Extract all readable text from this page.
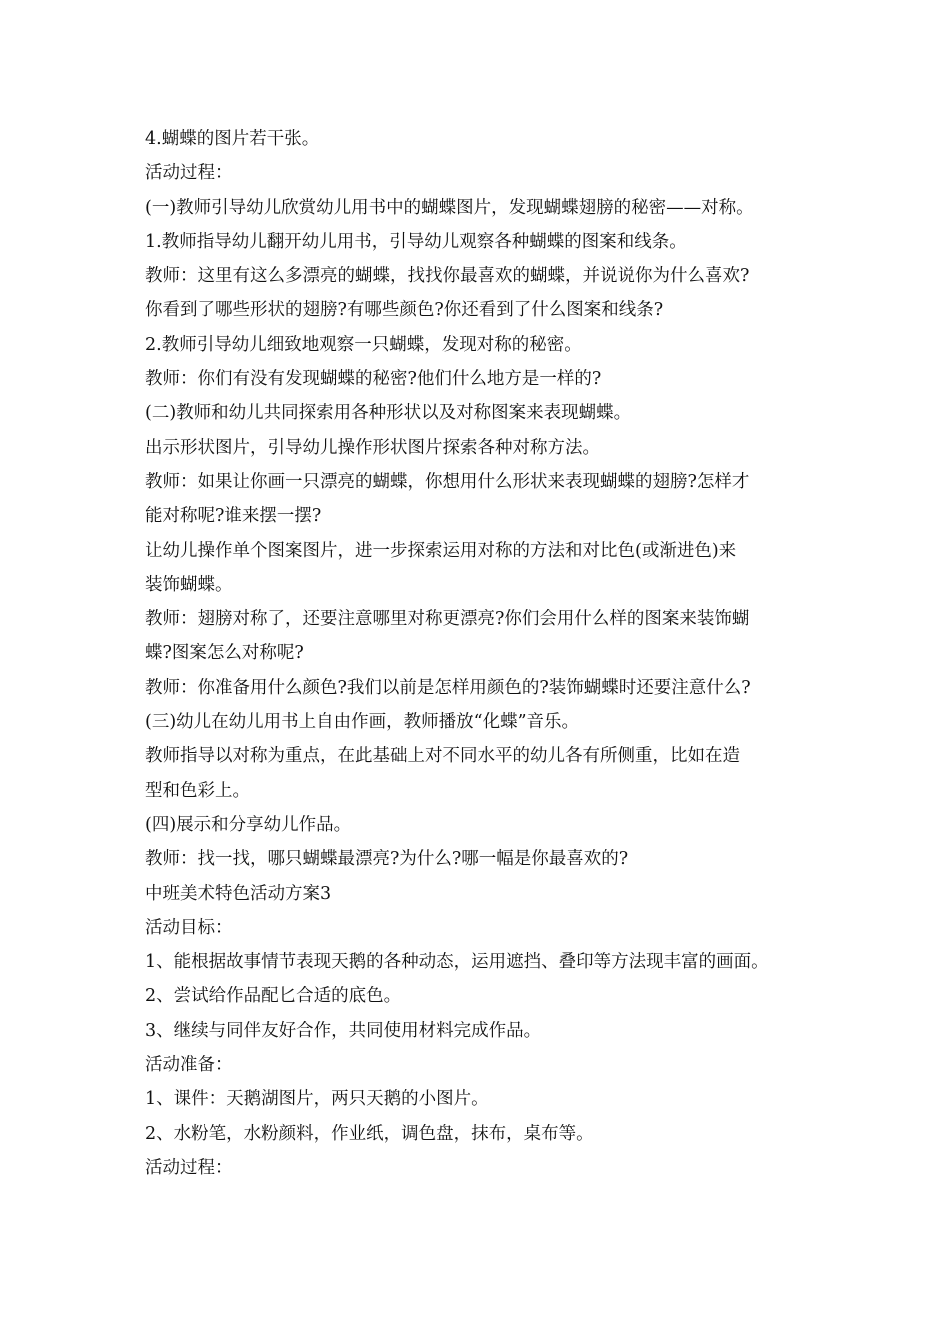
4.蝴蝶的图片若干张。
活动过程：
(一)教师引导幼儿欣赏幼儿用书中的蝴蝶图片，发现蝴蝶翅膀的秘密——对称。
1.教师指导幼儿翻开幼儿用书，引导幼儿观察各种蝴蝶的图案和线条。
教师：这里有这么多漂亮的蝴蝶，找找你最喜欢的蝴蝶，并说说你为什么喜欢?
你看到了哪些形状的翅膀?有哪些颜色?你还看到了什么图案和线条?
2.教师引导幼儿细致地观察一只蝴蝶，发现对称的秘密。
教师：你们有没有发现蝴蝶的秘密?他们什么地方是一样的?
(二)教师和幼儿共同探索用各种形状以及对称图案来表现蝴蝶。
出示形状图片，引导幼儿操作形状图片探索各种对称方法。
教师：如果让你画一只漂亮的蝴蝶，你想用什么形状来表现蝴蝶的翅膀?怎样才
能对称呢?谁来摆一摆?
让幼儿操作单个图案图片，进一步探索运用对称的方法和对比色(或渐进色)来
装饰蝴蝶。
教师：翅膀对称了，还要注意哪里对称更漂亮?你们会用什么样的图案来装饰蝴
蝶?图案怎么对称呢?
教师：你准备用什么颜色?我们以前是怎样用颜色的?装饰蝴蝶时还要注意什么?
(三)幼儿在幼儿用书上自由作画，教师播放“化蝶”音乐。
教师指导以对称为重点，在此基础上对不同水平的幼儿各有所侧重，比如在造
型和色彩上。
(四)展示和分享幼儿作品。
教师：找一找，哪只蝴蝶最漂亮?为什么?哪一幅是你最喜欢的?
中班美术特色活动方案3
活动目标：
1、能根据故事情节表现天鹅的各种动态，运用遮挡、叠印等方法现丰富的画面。
2、尝试给作品配匕合适的底色。
3、继续与同伴友好合作，共同使用材料完成作品。
活动准备：
1、课件：天鹅湖图片，两只天鹅的小图片。
2、水粉笔，水粉颜料，作业纸，调色盘，抹布，桌布等。
活动过程：
